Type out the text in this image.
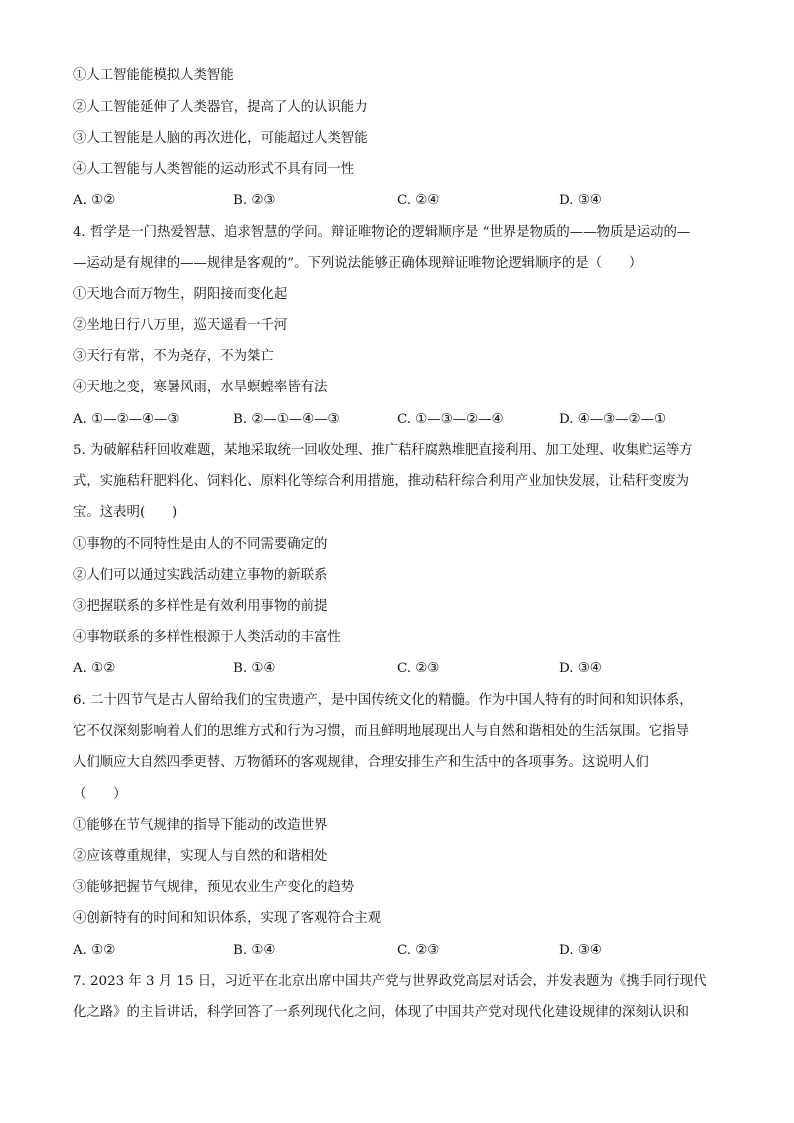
①人工智能能模拟人类智能
②人工智能延伸了人类器官，提高了人的认识能力
③人工智能是人脑的再次进化，可能超过人类智能
④人工智能与人类智能的运动形式不具有同一性
A. ①②	B. ②③	C. ②④	D. ③④
4. 哲学是一门热爱智慧、追求智慧的学问。辩证唯物论的逻辑顺序是 “世界是物质的——物质是运动的—
—运动是有规律的——规律是客观的”。下列说法能够正确体现辩证唯物论逻辑顺序的是（　　）
①天地合而万物生，阴阳接而变化起
②坐地日行八万里，巡天遥看一千河
③天行有常，不为尧存，不为桀亡
④天地之变，寒暑风雨，水旱螟蝗率皆有法
A. ①—②—④—③	B. ②—①—④—③	C. ①—③—②—④	D. ④—③—②—①
5. 为破解秸秆回收难题，某地采取统一回收处理、推广秸秆腐熟堆肥直接利用、加工处理、收集贮运等方
式，实施秸秆肥料化、饲料化、原料化等综合利用措施，推动秸秆综合利用产业加快发展，让秸秆变废为
宝。这表明(　　)
①事物的不同特性是由人的不同需要确定的
②人们可以通过实践活动建立事物的新联系
③把握联系的多样性是有效利用事物的前提
④事物联系的多样性根源于人类活动的丰富性
A. ①②	B. ①④	C. ②③	D. ③④
6. 二十四节气是古人留给我们的宝贵遗产，是中国传统文化的精髓。作为中国人特有的时间和知识体系，
它不仅深刻影响着人们的思维方式和行为习惯，而且鲜明地展现出人与自然和谐相处的生活氛围。它指导
人们顺应大自然四季更替、万物循环的客观规律，合理安排生产和生活中的各项事务。这说明人们
（　　）
①能够在节气规律的指导下能动的改造世界
②应该尊重规律，实现人与自然的和谐相处
③能够把握节气规律，预见农业生产变化的趋势
④创新特有的时间和知识体系，实现了客观符合主观
A. ①②	B. ①④	C. ②③	D. ③④
7. 2023 年 3 月 15 日，习近平在北京出席中国共产党与世界政党高层对话会，并发表题为《携手同行现代
化之路》的主旨讲话，科学回答了一系列现代化之问，体现了中国共产党对现代化建设规律的深刻认识和
